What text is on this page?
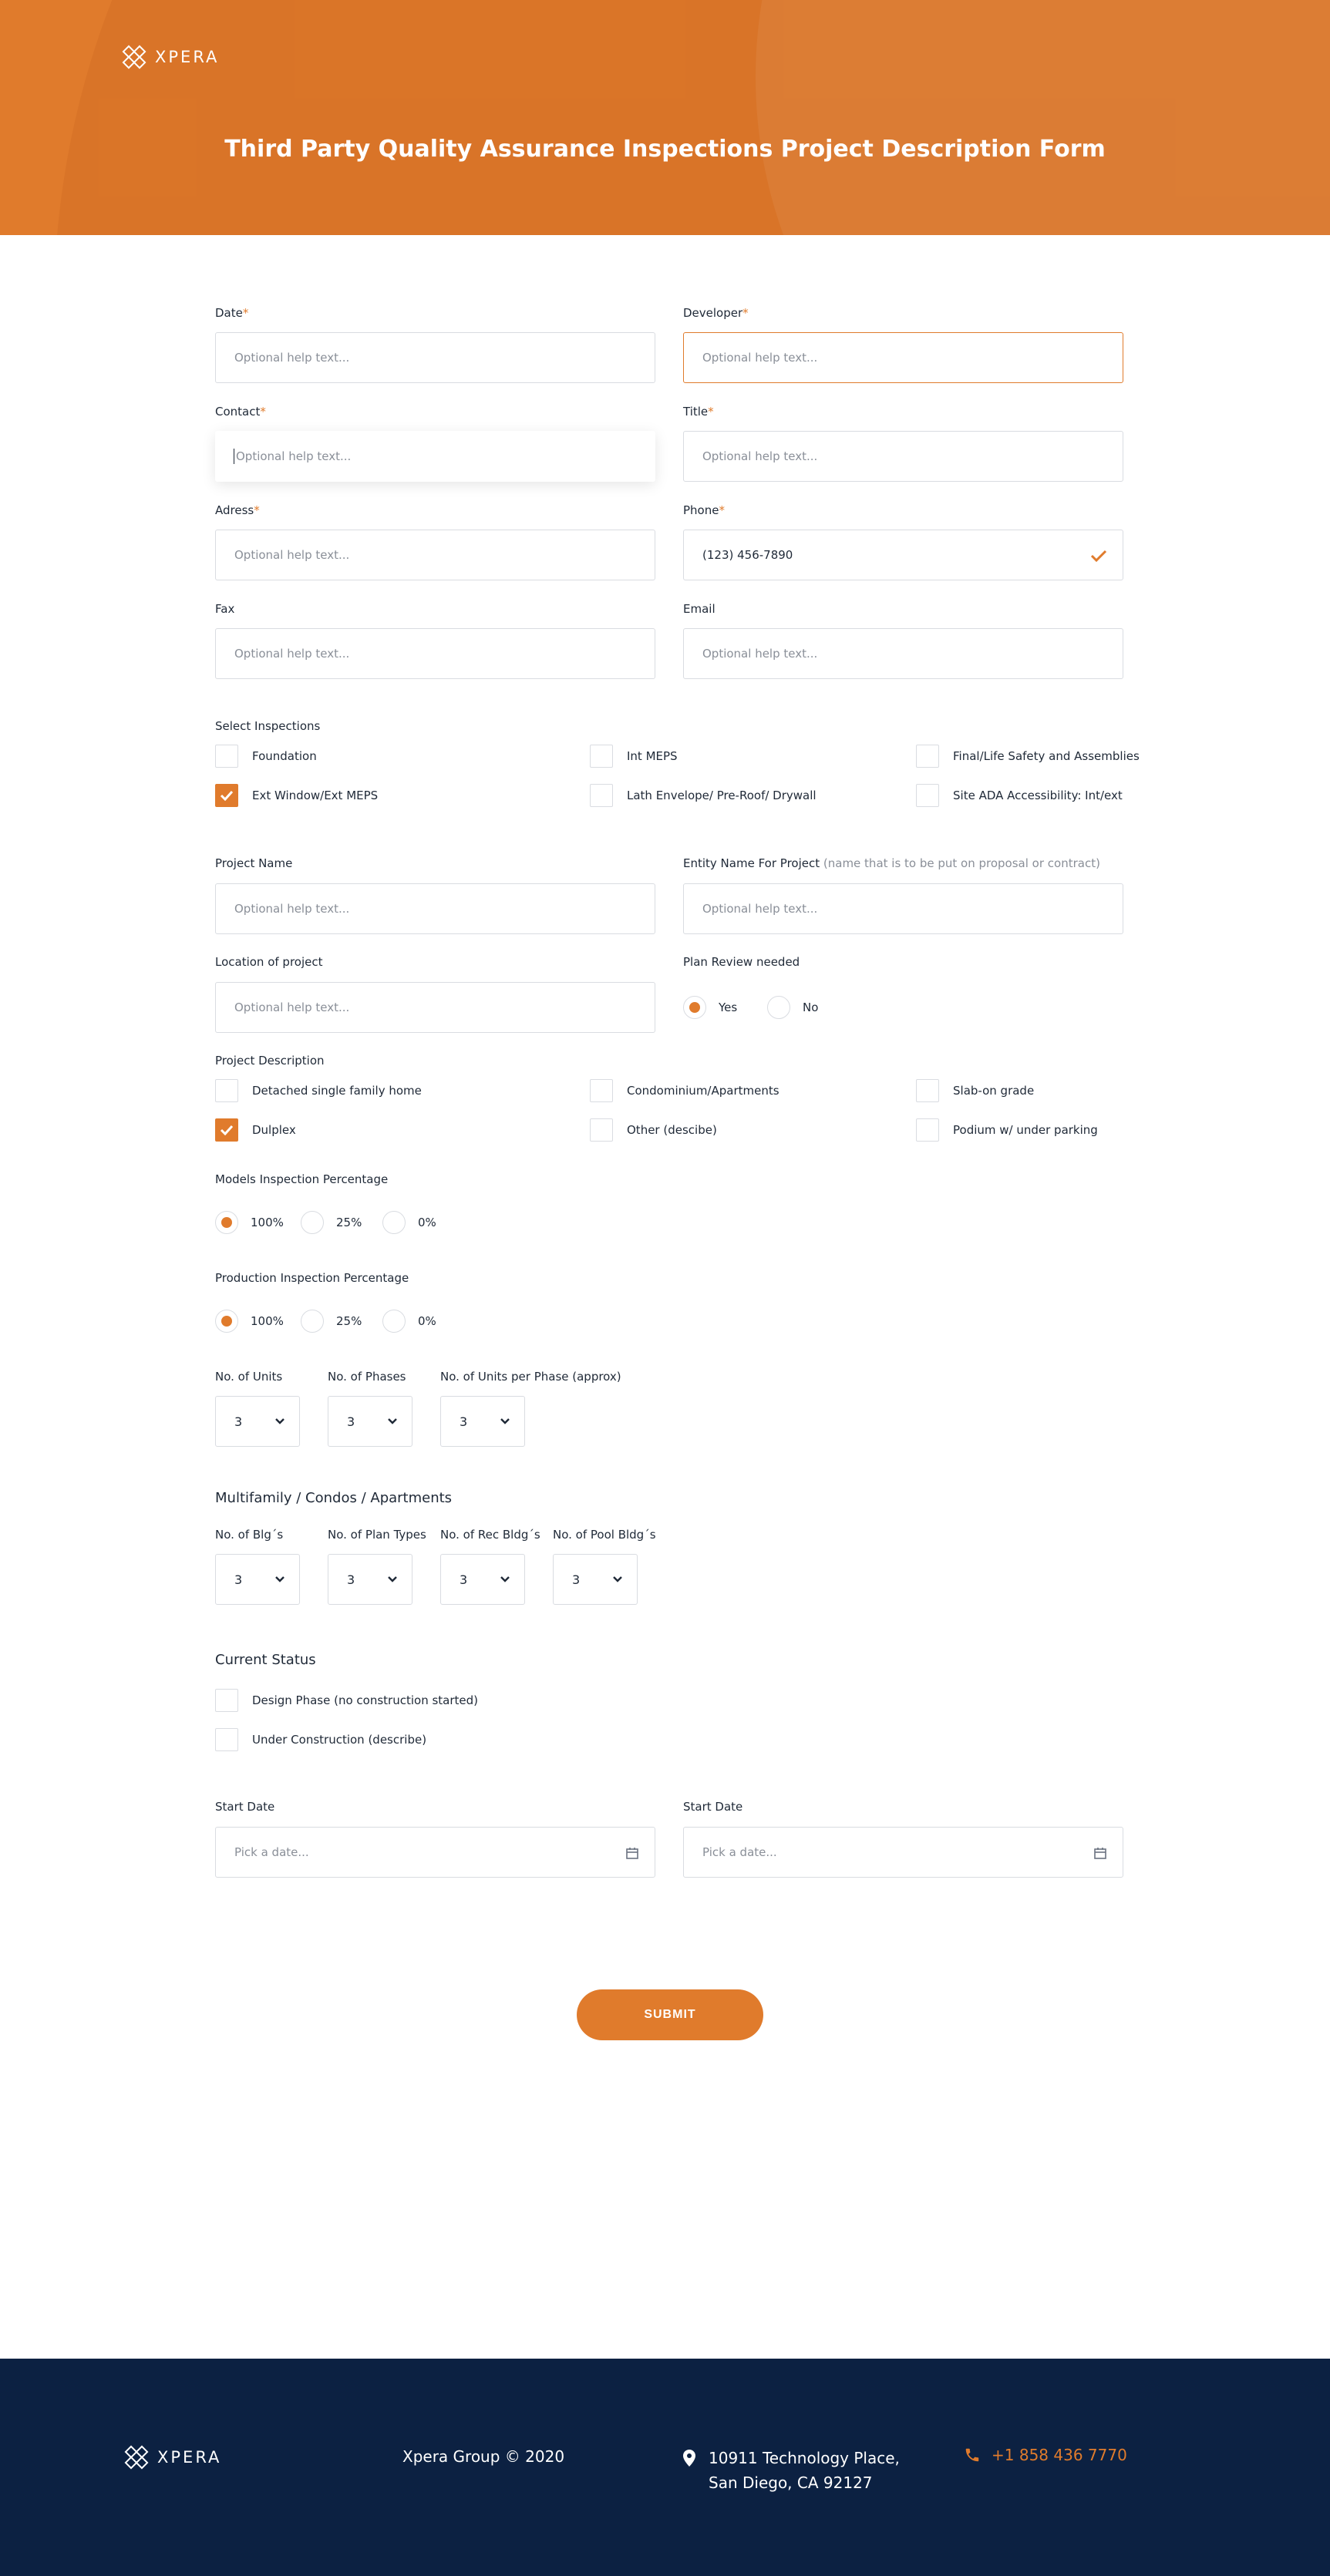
XPERA
Third Party Quality Assurance Inspections Project Description Form
Date*
Optional help text...
Developer*
Optional help text...
Contact*
Optional help text...
Title*
Optional help text...
Adress*
Optional help text...
Phone*
(123) 456-7890
Fax
Optional help text...
Email
Optional help text...
Select Inspections
Foundation	Int MEPS	Final/Life Safety and Assemblies
Ext Window/Ext MEPS	Lath Envelope/ Pre-Roof/ Drywall	Site ADA Accessibility: Int/ext
Project Name
Optional help text...
Entity Name For Project (name that is to be put on proposal or contract)
Optional help text...
Location of project
Optional help text...
Plan Review needed
Yes	No
Project Description
Detached single family home	Condominium/Apartments	Slab-on grade
Dulplex	Other (descibe)	Podium w/ under parking
Models Inspection Percentage
100%	25%	0%
Production Inspection Percentage
100%	25%	0%
No. of Units
3
No. of Phases
3
No. of Units per Phase (approx)
3
Multifamily / Condos / Apartments
No. of Blg´s
3
No. of Plan Types
3
No. of Rec Bldg´s
3
No. of Pool Bldg´s
3
Current Status
Design Phase (no construction started)
Under Construction (describe)
Start Date
Pick a date...
Start Date
Pick a date...
SUBMIT
XPERA	Xpera Group © 2020	10911 Technology Place,
San Diego, CA 92127
+1 858 436 7770
